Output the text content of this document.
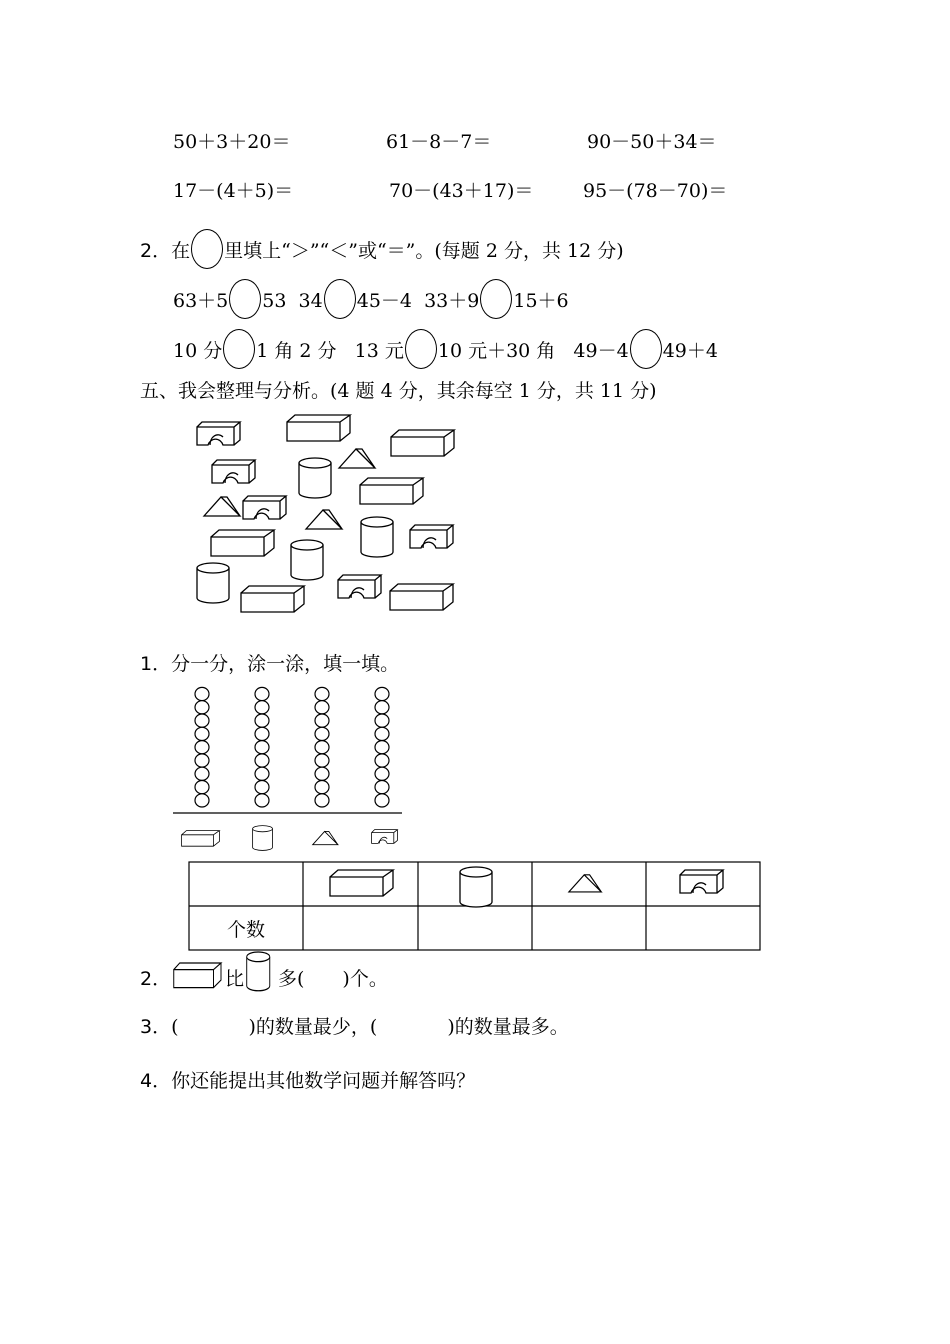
50＋3＋20＝	61－8－7＝	90－50＋34＝
17－(4＋5)＝	70－(43＋17)＝	95－(78－70)＝
2．在 里填上“＞”“＜”或“＝”。(每题 2 分，共 12 分)
63＋5 53 34 45－4 33＋9 15＋6
10 分 1 角 2 分 13 元 10 元＋30 角 49－4 49＋4
五、我会整理与分析。(4 题 4 分，其余每空 1 分，共 11 分)
1．分一分，涂一涂，填一填。
个数
2．	比 多( )个。
3．(	)的数量最少，(	)的数量最多。
4．你还能提出其他数学问题并解答吗？
